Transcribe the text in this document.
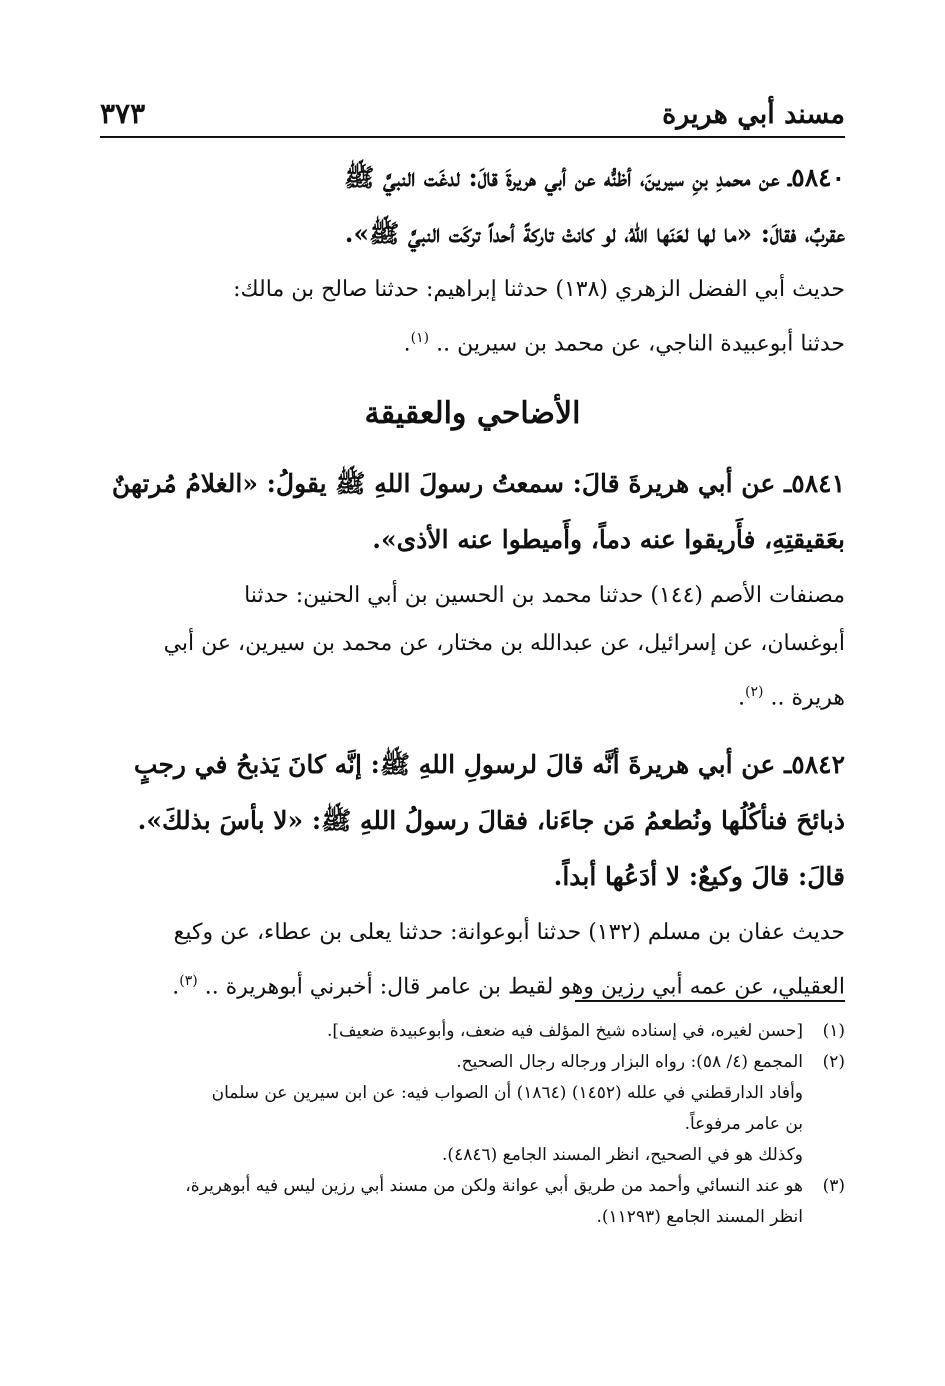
مسند أبي هريرة
٣٧٣

٥٨٤٠ـ عن محمدِ بنِ سيرينَ، أظنُّه عن أبي هريرةَ قالَ: لدغَت النبيَّ ﷺ
عقربٌ، فقالَ: «ما لها لعَنَها اللهُ، لو كانتْ تاركةً أحداً تركَت النبيَّ ﷺ».

حديث أبي الفضل الزهري (١٣٨) حدثنا إبراهيم: حدثنا صالح بن مالك:
حدثنا أبوعبيدة الناجي، عن محمد بن سيرين .. $^{(١)}$.

الأضاحي والعقيقة

٥٨٤١ـ عن أبي هريرةَ قالَ: سمعتُ رسولَ اللهِ ﷺ يقولُ: «الغلامُ مُرتهنٌ
بعَقيقتِهِ، فأَريقوا عنه دماً، وأَميطوا عنه الأذى».

مصنفات الأصم (١٤٤) حدثنا محمد بن الحسين بن أبي الحنين: حدثنا
أبوغسان، عن إسرائيل، عن عبدالله بن مختار، عن محمد بن سيرين، عن أبي
هريرة .. $^{(٢)}$.

٥٨٤٢ـ عن أبي هريرةَ أنَّه قالَ لرسولِ اللهِ ﷺ: إنَّه كانَ يَذبحُ في رجبٍ
ذبائحَ فنأكُلُها ونُطعمُ مَن جاءَنا، فقالَ رسولُ اللهِ ﷺ: «لا بأسَ بذلكَ».

قالَ: قالَ وكيعٌ: لا أدَعُها أبداً.

حديث عفان بن مسلم (١٣٢) حدثنا أبوعوانة: حدثنا يعلى بن عطاء، عن وكيع
العقيلي، عن عمه أبي رزين وهو لقيط بن عامر قال: أخبرني أبوهريرة .. $^{(٣)}$.

(١)
[حسن لغيره، في إسناده شيخ المؤلف فيه ضعف، وأبوعبيدة ضعيف].
(٢)
المجمع (٤/ ٥٨): رواه البزار ورجاله رجال الصحيح.
وأفاد الدارقطني في علله (١٤٥٢) (١٨٦٤) أن الصواب فيه: عن ابن سيرين عن سلمان
بن عامر مرفوعاً.
وكذلك هو في الصحيح، انظر المسند الجامع (٤٨٤٦).
(٣)
هو عند النسائي وأحمد من طريق أبي عوانة ولكن من مسند أبي رزين ليس فيه أبوهريرة،
انظر المسند الجامع (١١٢٩٣).
